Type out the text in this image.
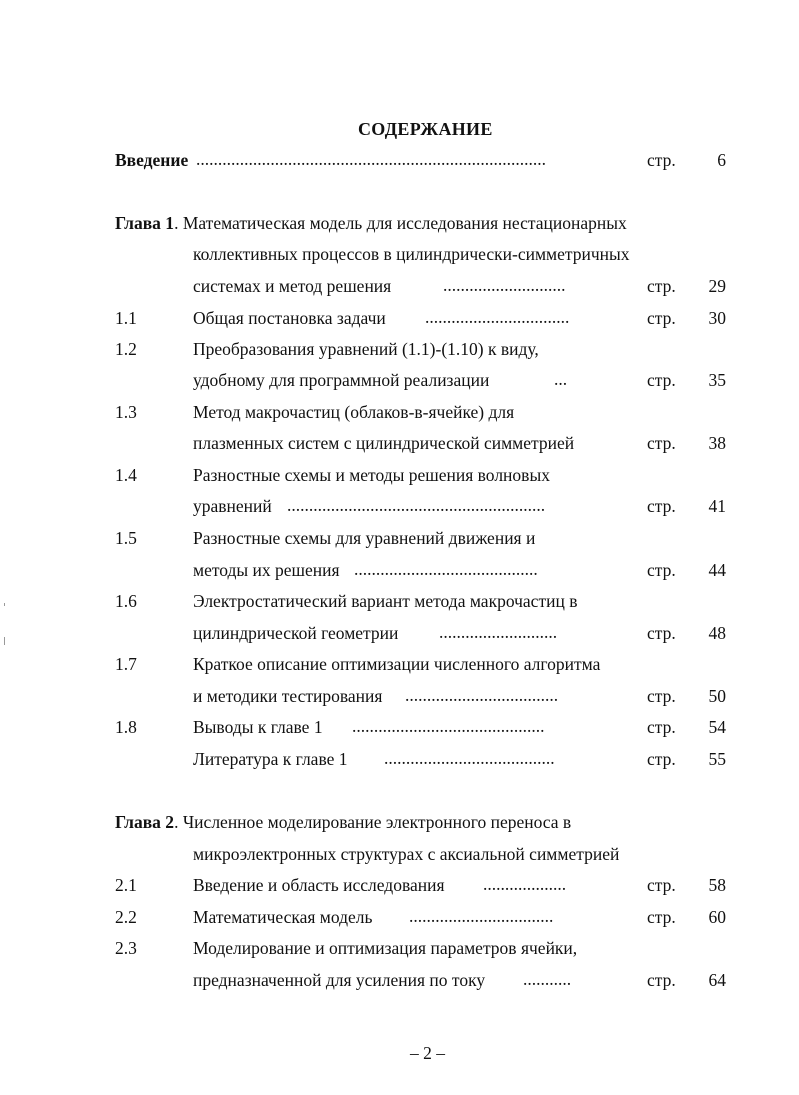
СОДЕРЖАНИЕ
Введение ................................................................................	стр.	6
Глава 1. Математическая модель для исследования нестационарных
коллективных процессов в цилиндрически-симметричных
системах и метод решения	............................	стр.	29
1.1	Общая постановка задачи .................................	стр.	30
1.2	Преобразования уравнений (1.1)-(1.10) к виду,
удобному для программной реализации	...	стр.	35
1.3	Метод макрочастиц (облаков-в-ячейке) для
плазменных систем с цилиндрической симметрией	стр.	38
1.4	Разностные схемы и методы решения волновых
уравнений ...........................................................	стр.	41
1.5	Разностные схемы для уравнений движения и
методы их решения ..........................................	стр.	44
1.6	Электростатический вариант метода макрочастиц в
цилиндрической геометрии ...........................	стр.	48
1.7	Краткое описание оптимизации численного алгоритма
и методики тестирования ...................................	стр.	50
1.8	Выводы к главе 1 ............................................	стр.	54
Литература к главе 1 .......................................	стр.	55
Глава 2. Численное моделирование электронного переноса в
микроэлектронных структурах с аксиальной симметрией
2.1	Введение и область исследования ...................	стр.	58
2.2	Математическая модель .................................	стр.	60
2.3	Моделирование и оптимизация параметров ячейки,
предназначенной для усиления по току ...........	стр.	64
– 2 –
